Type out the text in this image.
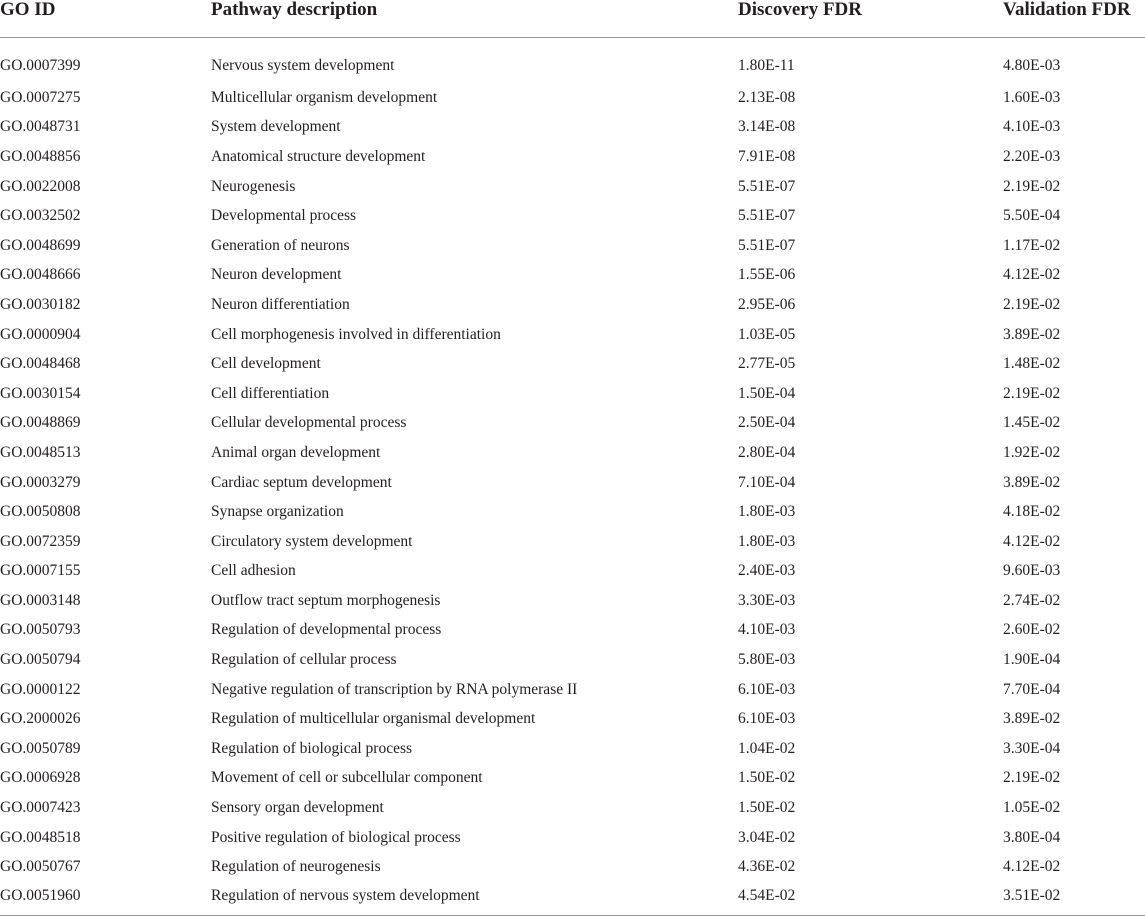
GO ID	Pathway description	Discovery FDR	Validation FDR
GO.0007399	Nervous system development	1.80E-11	4.80E-03
GO.0007275	Multicellular organism development	2.13E-08	1.60E-03
GO.0048731	System development	3.14E-08	4.10E-03
GO.0048856	Anatomical structure development	7.91E-08	2.20E-03
GO.0022008	Neurogenesis	5.51E-07	2.19E-02
GO.0032502	Developmental process	5.51E-07	5.50E-04
GO.0048699	Generation of neurons	5.51E-07	1.17E-02
GO.0048666	Neuron development	1.55E-06	4.12E-02
GO.0030182	Neuron differentiation	2.95E-06	2.19E-02
GO.0000904	Cell morphogenesis involved in differentiation	1.03E-05	3.89E-02
GO.0048468	Cell development	2.77E-05	1.48E-02
GO.0030154	Cell differentiation	1.50E-04	2.19E-02
GO.0048869	Cellular developmental process	2.50E-04	1.45E-02
GO.0048513	Animal organ development	2.80E-04	1.92E-02
GO.0003279	Cardiac septum development	7.10E-04	3.89E-02
GO.0050808	Synapse organization	1.80E-03	4.18E-02
GO.0072359	Circulatory system development	1.80E-03	4.12E-02
GO.0007155	Cell adhesion	2.40E-03	9.60E-03
GO.0003148	Outflow tract septum morphogenesis	3.30E-03	2.74E-02
GO.0050793	Regulation of developmental process	4.10E-03	2.60E-02
GO.0050794	Regulation of cellular process	5.80E-03	1.90E-04
GO.0000122	Negative regulation of transcription by RNA polymerase II	6.10E-03	7.70E-04
GO.2000026	Regulation of multicellular organismal development	6.10E-03	3.89E-02
GO.0050789	Regulation of biological process	1.04E-02	3.30E-04
GO.0006928	Movement of cell or subcellular component	1.50E-02	2.19E-02
GO.0007423	Sensory organ development	1.50E-02	1.05E-02
GO.0048518	Positive regulation of biological process	3.04E-02	3.80E-04
GO.0050767	Regulation of neurogenesis	4.36E-02	4.12E-02
GO.0051960	Regulation of nervous system development	4.54E-02	3.51E-02
